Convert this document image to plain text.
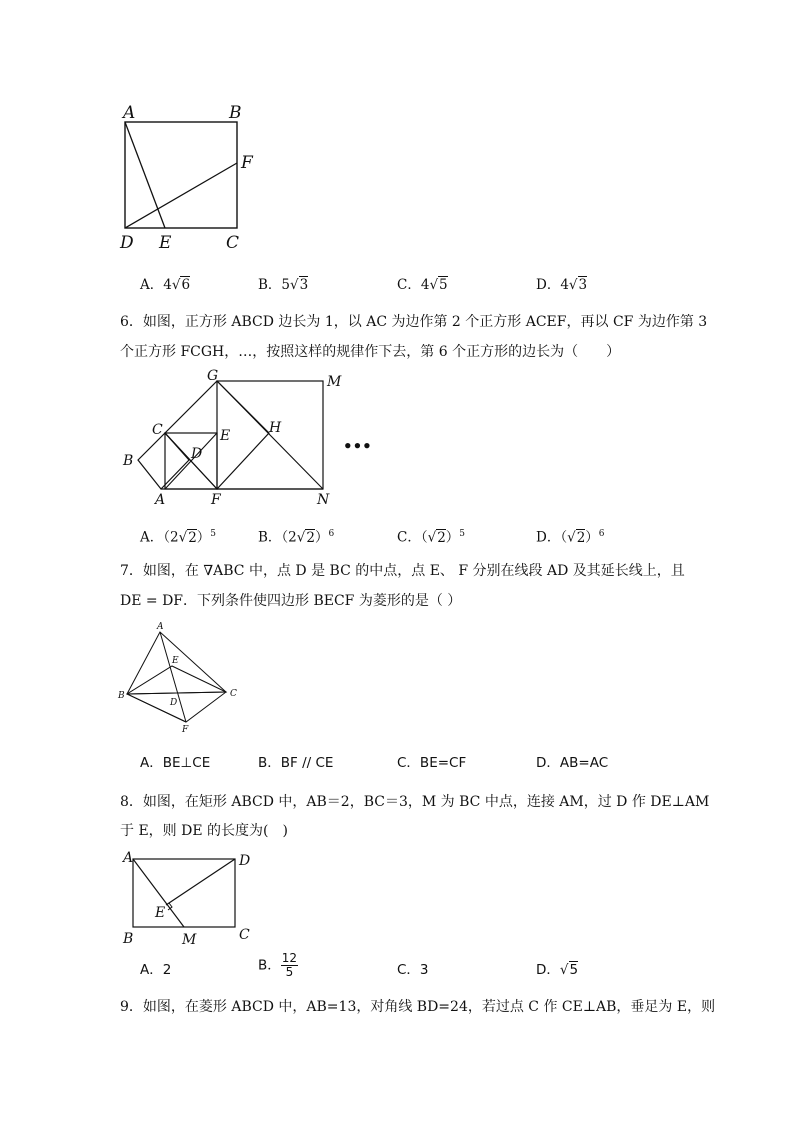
A	B
F
D E	C
A．4√6	B．5√3	C．4√5	D．4√3
6．如图，正方形 ABCD 边长为 1，以 AC 为边作第 2 个正方形 ACEF，再以 CF 为边作第 3
个正方形 FCGH，…，按照这样的规律作下去，第 6 个正方形的边长为（　　）
G	M
C	E	H
B	D
A	F	N
•••
A．$(2√2)^5$	B．$(2√2)^6$	C．$(√2)^5$	D．$(√2)^6$
7．如图，在 ∇ABC 中，点 D 是 BC 的中点，点 E、 F 分别在线段 AD 及其延长线上，且
DE = DF．下列条件使四边形 BECF 为菱形的是（ ）
A
E
B
D
C
F
A．BE⊥CE	B．BF // CE	C．BE=CF	D．AB=AC
8．如图，在矩形 ABCD 中，AB＝2，BC＝3，M 为 BC 中点，连接 AM，过 D 作 DE⊥AM
于 E，则 DE 的长度为(　)
A	D
E
B	M	C
A．2	B． $\frac{12}{5}$	C．3	D．√5
9．如图，在菱形 ABCD 中，AB=13，对角线 BD=24，若过点 C 作 CE⊥AB，垂足为 E，则
